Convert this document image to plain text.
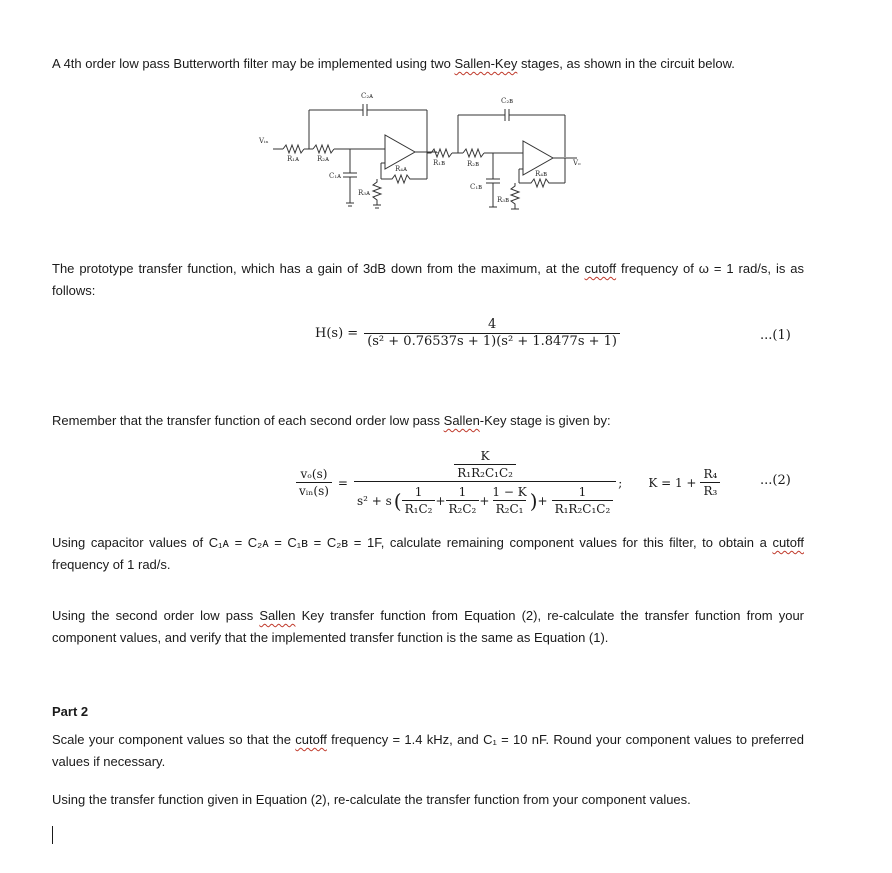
A 4th order low pass Butterworth filter may be implemented using two Sallen-Key stages, as shown in the circuit below.

Vᵢₙ
Vₒ
R₁ᴀ	R₂ᴀ
C₂ᴀ
C₁ᴀ
R₃ᴀ
R₄ᴀ
R₁ʙ	R₂ʙ
C₂ʙ
C₁ʙ
R₃ʙ
R₄ʙ

The prototype transfer function, which has a gain of 3dB down from the maximum, at the cutoff frequency of ω = 1 rad/s, is as follows:

$H(s) = \frac{4}{\text{(s² + 0.76537s + 1)(s² + 1.8477s + 1)}}$	...(1)

Remember that the transfer function of each second order low pass Sallen-Key stage is given by:

$\frac{\text{vₒ(s)}}{\text{vᵢₙ(s)}}$ =
$\frac{K}{\text{R₁R₂C₁C₂}}$
s² + s ( $\frac{1}{\text{R₁C₂}} + \frac{1}{\text{R₂C₂}} + \frac{1 - K}{\text{R₂C₁}}$ ) + $\frac{1}{\text{R₁R₂C₁C₂}}$
; $K = 1 + \frac{\text{R₄}}{\text{R₃}}$	...(2)

Using capacitor values of C₁ᴀ = C₂ᴀ = C₁ʙ = C₂ʙ = 1F, calculate remaining component values for this filter, to obtain a cutoff frequency of 1 rad/s.

Using the second order low pass Sallen Key transfer function from Equation (2), re-calculate the transfer function from your component values, and verify that the implemented transfer function is the same as Equation (1).

Part 2

Scale your component values so that the cutoff frequency = 1.4 kHz, and C₁ = 10 nF. Round your component values to preferred values if necessary.

Using the transfer function given in Equation (2), re-calculate the transfer function from your component values.
